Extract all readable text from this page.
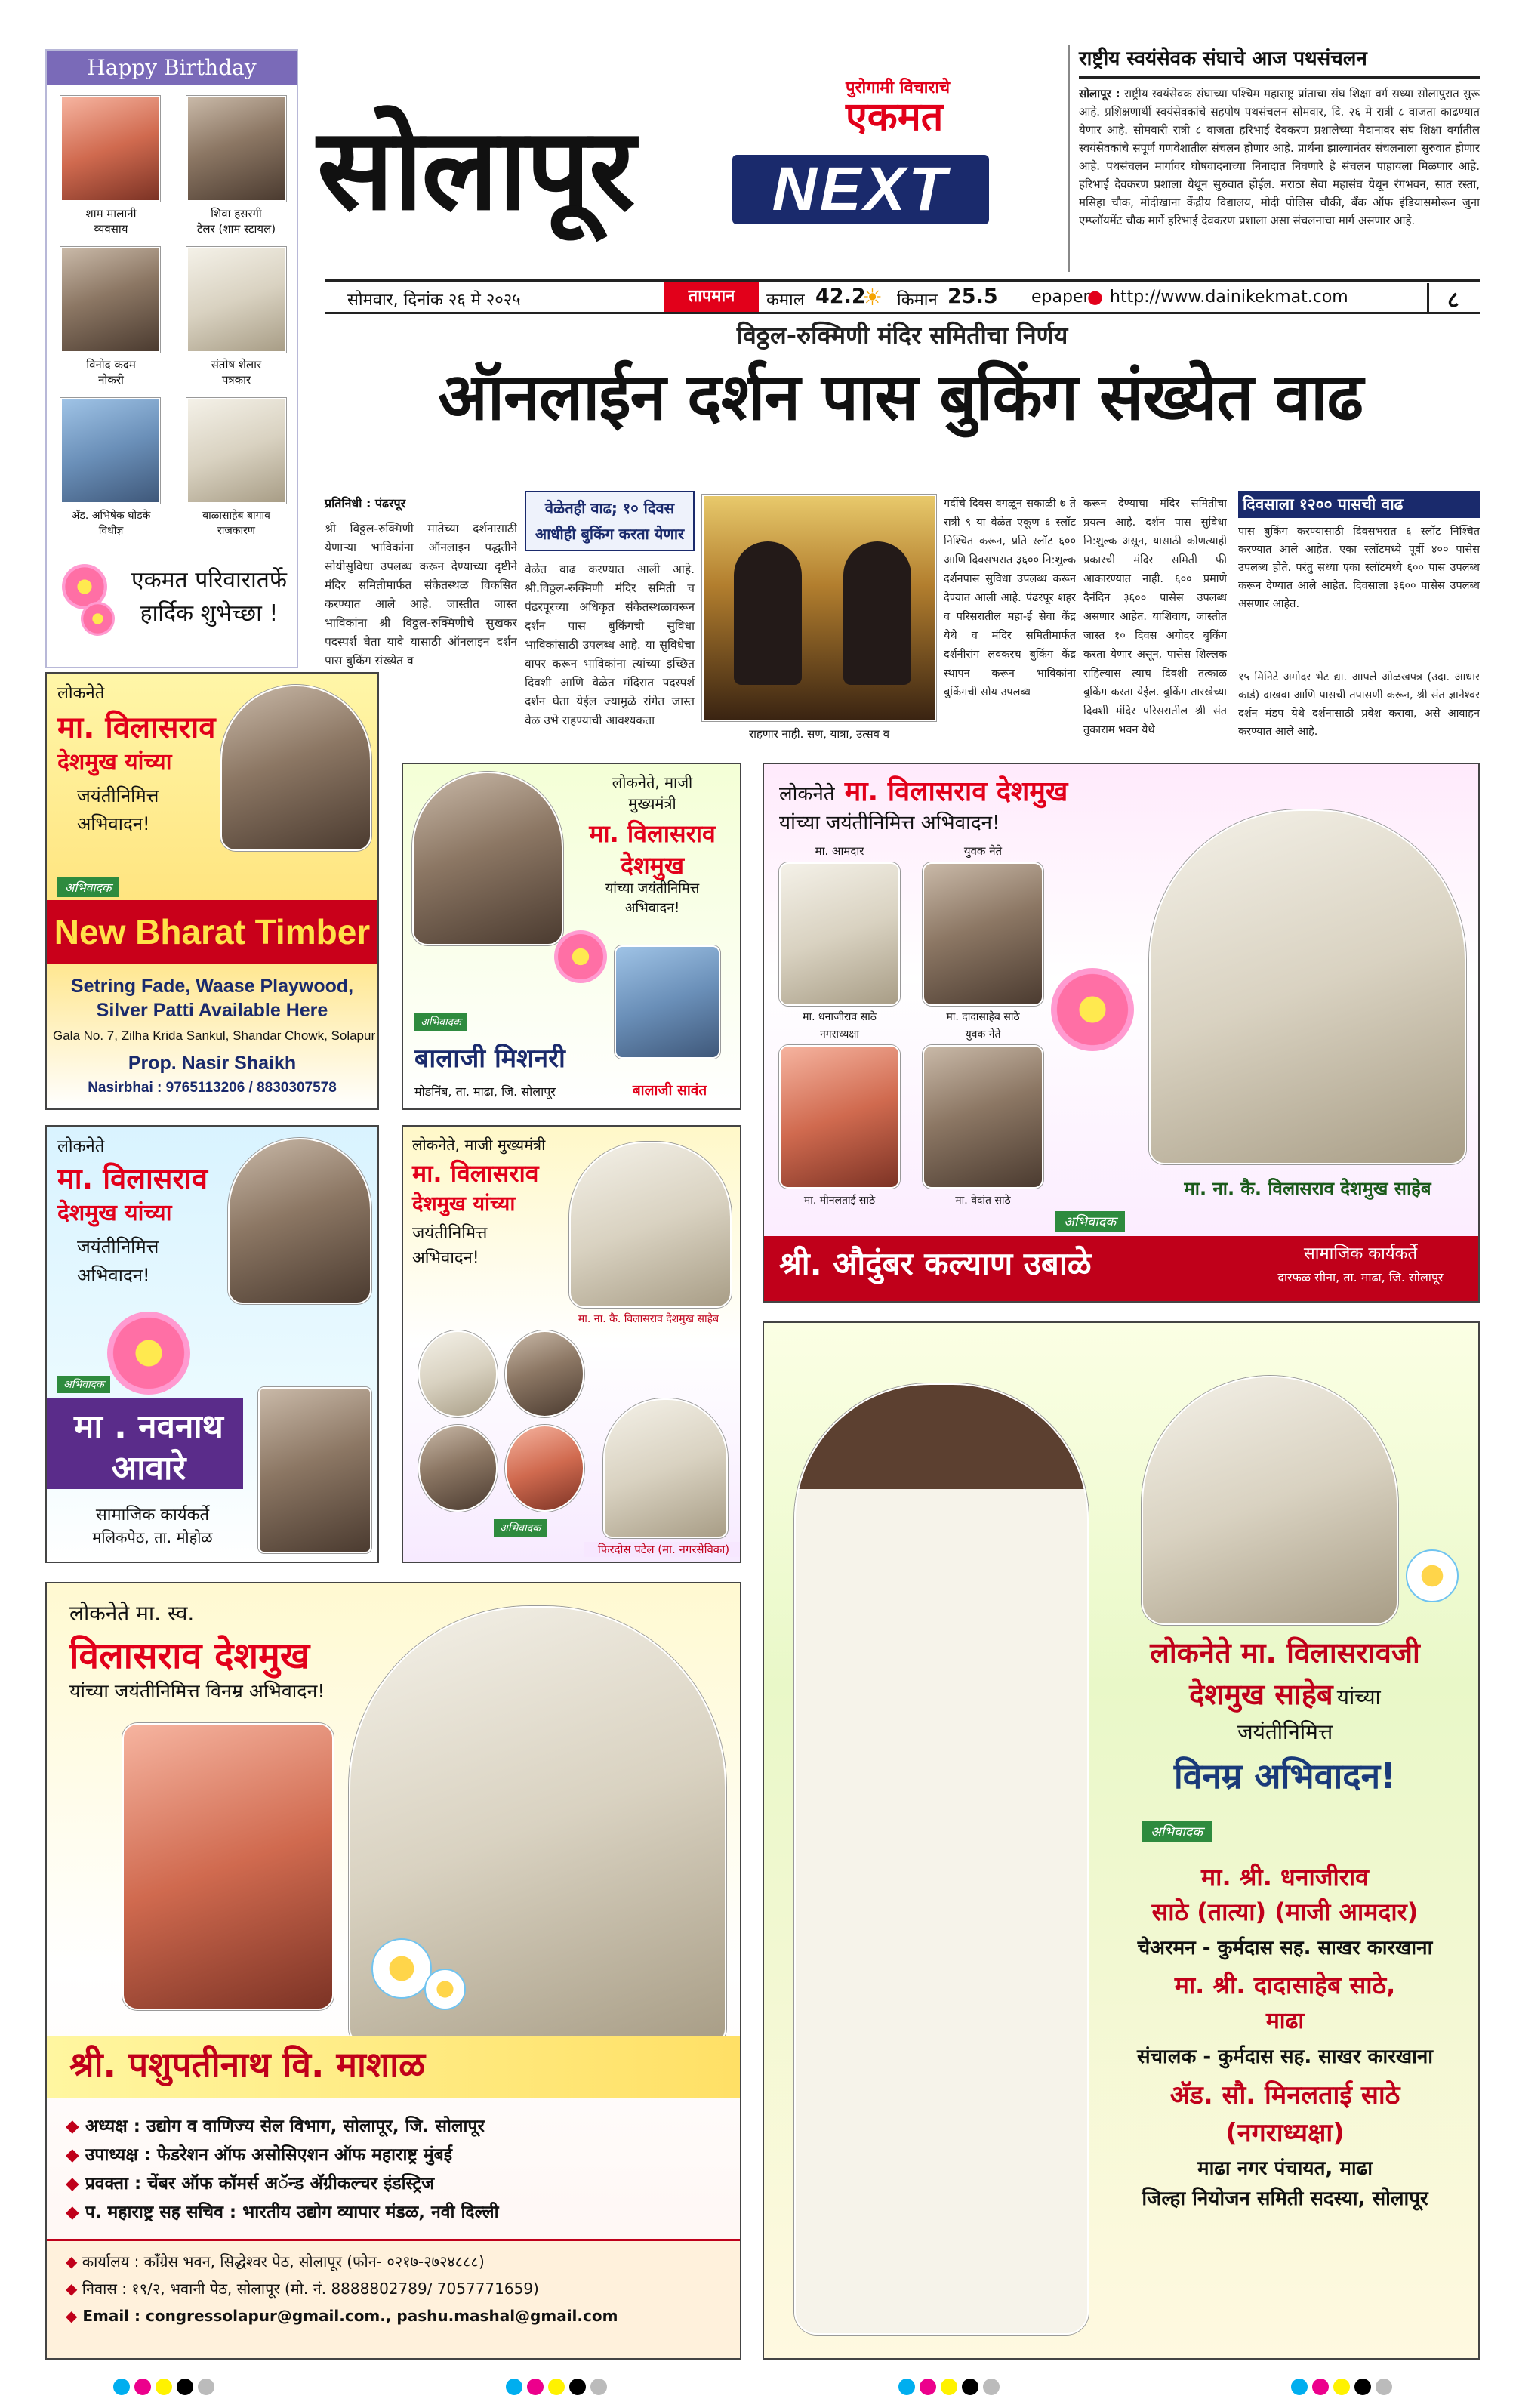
Happy Birthday
शाम मालानी
व्यवसाय
शिवा हसरगी
टेलर (शाम स्टायल)
विनोद कदम
नोकरी
संतोष शेलार
पत्रकार
अ‍ॅड. अभिषेक घोडके
विधीज्ञ
बाळासाहेब बागाव
राजकारण
एकमत परिवारातर्फे
हार्दिक शुभेच्छा !
सोलापूर
पुरोगामी विचाराचे
एकमत
NEXT
सोमवार, दिनांक २६ मे २०२५	तापमान	कमाल 42.2
☀ किमान 25.5 epaper
● http://www.dainikekmat.com	८
राष्ट्रीय स्वयंसेवक संघाचे आज पथसंचलन
सोलापूर : राष्ट्रीय स्वयंसेवक संघाच्या पश्चिम महाराष्ट्र प्रांताचा संघ शिक्षा वर्ग सध्या सोलापुरात सुरू आहे. प्रशिक्षणार्थी स्वयंसेवकांचे सहपोष पथसंचलन सोमवार, दि. २६ मे रात्री ८ वाजता काढण्यात येणार आहे. सोमवारी रात्री ८ वाजता हरिभाई देवकरण प्रशालेच्या मैदानावर संघ शिक्षा वर्गातील स्वयंसेवकांचे संपूर्ण गणवेशातील संचलन होणार आहे. प्रार्थना झाल्यानंतर संचलनाला सुरुवात होणार आहे. पथसंचलन मार्गावर घोषवादनाच्या निनादात निघणारे हे संचलन पाहायला मिळणार आहे. हरिभाई देवकरण प्रशाला येथून सुरुवात होईल. मराठा सेवा महासंघ येथून रंगभवन, सात रस्ता, मसिहा चौक, मोदीखाना केंद्रीय विद्यालय, मोदी पोलिस चौकी, बँक ऑफ इंडियासमोरून जुना एम्प्लॉयमेंट चौक मार्गे हरिभाई देवकरण प्रशाला असा संचलनाचा मार्ग असणार आहे.
विठ्ठल-रुक्मिणी मंदिर समितीचा निर्णय
ऑनलाईन दर्शन पास बुकिंग संख्येत वाढ
प्रतिनिधी : पंढरपूर
श्री विठ्ठल-रुक्मिणी मातेच्या दर्शनासाठी येणाऱ्या भाविकांना ऑनलाइन पद्धतीने सोयीसुविधा उपलब्ध करून देण्याच्या दृष्टीने मंदिर समितीमार्फत संकेतस्थळ विकसित करण्यात आले आहे. जास्तीत जास्त भाविकांना श्री विठ्ठल-रुक्मिणीचे सुखकर पदस्पर्श घेता यावे यासाठी ऑनलाइन दर्शन पास बुकिंग संख्येत व
वेळेतही वाढ; १० दिवस आधीही बुकिंग करता येणार
वेळेत वाढ करण्यात आली आहे. श्री.विठ्ठल-रुक्मिणी मंदिर समिती च पंढरपूरच्या अधिकृत संकेतस्थळावरून दर्शन पास बुकिंगची सुविधा भाविकांसाठी उपलब्ध आहे. या सुविधेचा वापर करून भाविकांना त्यांच्या इच्छित दिवशी आणि वेळेत मंदिरात पदस्पर्श दर्शन घेता येईल ज्यामुळे रांगेत जास्त वेळ उभे राहण्याची आवश्यकता
राहणार नाही. सण, यात्रा, उत्सव व
गर्दीचे दिवस वगळून सकाळी ७ ते रात्री ९ या वेळेत एकूण ६ स्लॉट निश्चित करून, प्रति स्लॉट ६०० आणि दिवसभरात ३६०० नि:शुल्क दर्शनपास सुविधा उपलब्ध करून देण्यात आली आहे. पंढरपूर शहर व परिसरातील महा-ई सेवा केंद्र येथे व मंदिर समितीमार्फत दर्शनीरांग लवकरच बुकिंग केंद्र स्थापन करून भाविकांना बुकिंगची सोय उपलब्ध
करून देण्याचा मंदिर समितीचा प्रयत्न आहे. दर्शन पास सुविधा नि:शुल्क असून, यासाठी कोणत्याही प्रकारची मंदिर समिती फी आकारण्यात नाही. ६०० प्रमाणे दैनंदिन ३६०० पासेस उपलब्ध असणार आहेत. याशिवाय, जास्तीत जास्त १० दिवस अगोदर बुकिंग करता येणार असून, पासेस शिल्लक राहिल्यास त्याच दिवशी तत्काळ बुकिंग करता येईल. बुकिंग तारखेच्या दिवशी मंदिर परिसरातील श्री संत तुकाराम भवन येथे
दिवसाला १२०० पासची वाढ
पास बुकिंग करण्यासाठी दिवसभरात ६ स्लॉट निश्चित करण्यात आले आहेत. एका स्लॉटमध्ये पूर्वी ४०० पासेस उपलब्ध होते. परंतु सध्या एका स्लॉटमध्ये ६०० पास उपलब्ध करून देण्यात आले आहेत. दिवसाला ३६०० पासेस उपलब्ध असणार आहेत.
१५ मिनिटे अगोदर भेट द्या. आपले ओळखपत्र (उदा. आधार कार्ड) दाखवा आणि पासची तपासणी करून, श्री संत ज्ञानेश्वर दर्शन मंडप येथे दर्शनासाठी प्रवेश करावा, असे आवाहन करण्यात आले आहे.
लोकनेते
मा. विलासराव
देशमुख यांच्या
जयंतीनिमित्त
अभिवादन!
अभिवादक
New Bharat Timber
Setring Fade, Waase Playwood,
Silver Patti Available Here
Gala No. 7, Zilha Krida Sankul, Shandar Chowk, Solapur
Prop. Nasir Shaikh
Nasirbhai : 9765113206 / 8830307578
लोकनेते, माजी
मुख्यमंत्री
मा. विलासराव
देशमुख
यांच्या जयंतीनिमित्त
अभिवादन!
अभिवादक
बालाजी मिशनरी
मोडनिंब, ता. माढा, जि. सोलापूर	बालाजी सावंत
लोकनेते मा. विलासराव देशमुख
यांच्या जयंतीनिमित्त अभिवादन!
मा. आमदार	युवक नेते
मा. धनाजीराव साठे	मा. दादासाहेब साठे
नगराध्यक्षा	युवक नेते
मा. मीनलताई साठे	मा. वेदांत साठे
अभिवादक
मा. ना. कै. विलासराव देशमुख साहेब
श्री. औदुंबर कल्याण उबाळे	सामाजिक कार्यकर्ते
दारफळ सीना, ता. माढा, जि. सोलापूर
लोकनेते
मा. विलासराव
देशमुख यांच्या
जयंतीनिमित्त
अभिवादन!
अभिवादक
मा . नवनाथ
आवारे
सामाजिक कार्यकर्ते
मलिकपेठ, ता. मोहोळ
लोकनेते, माजी मुख्यमंत्री
मा. विलासराव
देशमुख यांच्या
जयंतीनिमित्त
अभिवादन!
मा. ना. कै. विलासराव देशमुख साहेब
अभिवादक
फिरदोस पटेल (मा. नगरसेविका)
लोकनेते मा. स्व.
विलासराव देशमुख
यांच्या जयंतीनिमित्त विनम्र अभिवादन!
श्री. पशुपतीनाथ वि. माशाळ
◆ अध्यक्ष : उद्योग व वाणिज्य सेल विभाग, सोलापूर, जि. सोलापूर
◆ उपाध्यक्ष : फेडरेशन ऑफ असोसिएशन ऑफ महाराष्ट्र मुंबई
◆ प्रवक्ता : चेंबर ऑफ कॉमर्स अॅन्ड अ‍ॅग्रीकल्चर इंडस्ट्रिज
◆ प. महाराष्ट्र सह सचिव : भारतीय उद्योग व्यापार मंडळ, नवी दिल्ली
◆ कार्यालय : काँग्रेस भवन, सिद्धेश्वर पेठ, सोलापूर (फोन- ०२१७-२७२४८८८)
◆ निवास : १९/२, भवानी पेठ, सोलापूर (मो. नं. 8888802789/ 7057771659)
◆ Email : congressolapur@gmail.com., pashu.mashal@gmail.com
लोकनेते मा. विलासरावजी
देशमुख साहेब यांच्या
जयंतीनिमित्त
विनम्र अभिवादन!
अभिवादक
मा. श्री. धनाजीराव
साठे (तात्या) (माजी आमदार)
चेअरमन - कुर्मदास सह. साखर कारखाना
मा. श्री. दादासाहेब साठे,
माढा
संचालक - कुर्मदास सह. साखर कारखाना
अ‍ॅड. सौ. मिनलताई साठे
(नगराध्यक्षा)
माढा नगर पंचायत, माढा
जिल्हा नियोजन समिती सदस्या, सोलापूर
